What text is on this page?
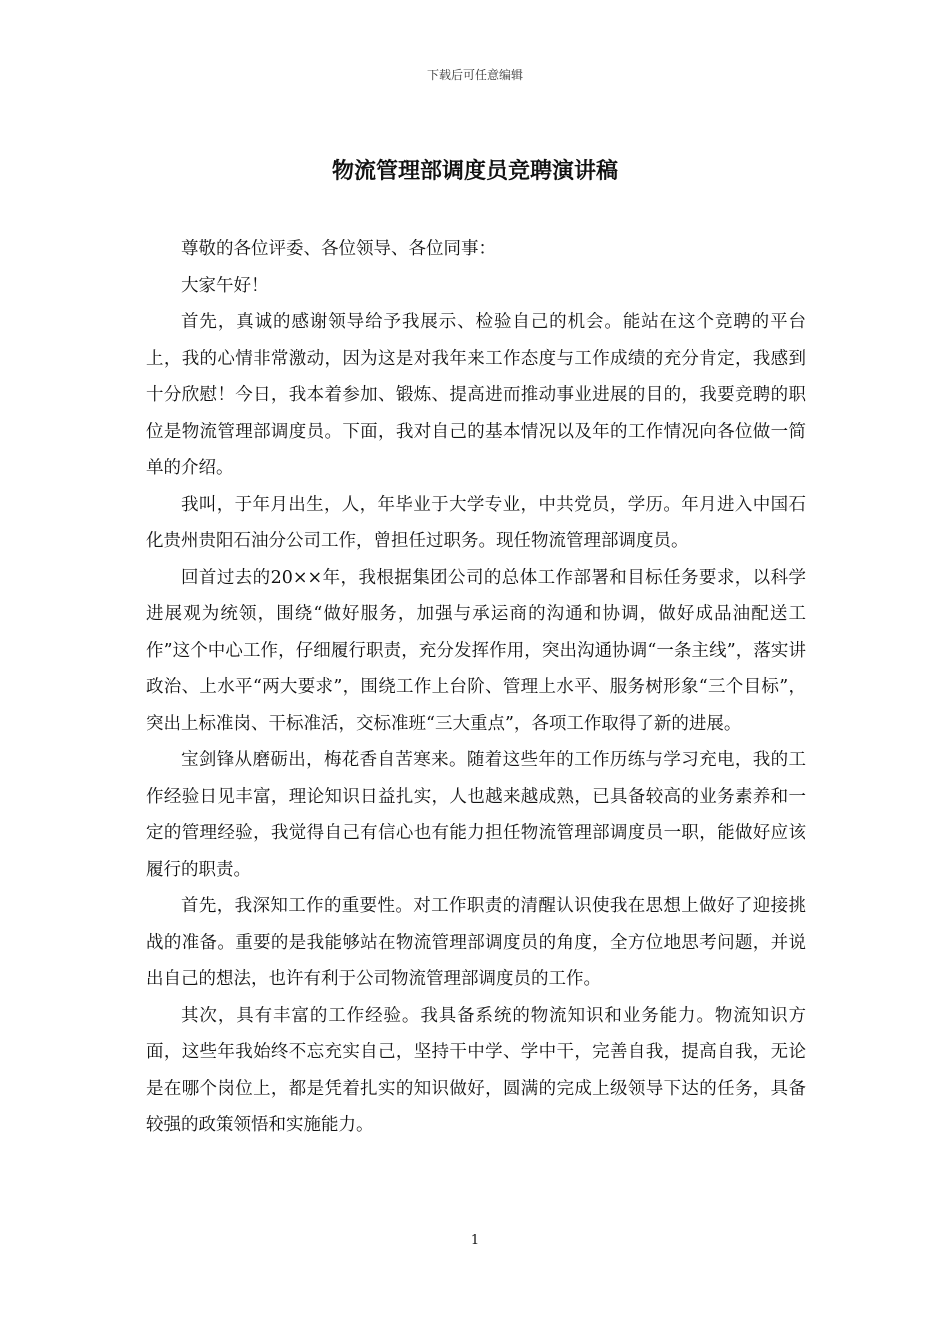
下载后可任意编辑
物流管理部调度员竞聘演讲稿

尊敬的各位评委、各位领导、各位同事：

大家午好！

首先，真诚的感谢领导给予我展示、检验自己的机会。能站在这个竞聘的平台上，我的心情非常激动，因为这是对我年来工作态度与工作成绩的充分肯定，我感到十分欣慰！今日，我本着参加、锻炼、提高进而推动事业进展的目的，我要竞聘的职位是物流管理部调度员。下面，我对自己的基本情况以及年的工作情况向各位做一简单的介绍。

我叫，于年月出生，人，年毕业于大学专业，中共党员，学历。年月进入中国石化贵州贵阳石油分公司工作，曾担任过职务。现任物流管理部调度员。

回首过去的20××年，我根据集团公司的总体工作部署和目标任务要求，以科学进展观为统领，围绕“做好服务，加强与承运商的沟通和协调，做好成品油配送工作”这个中心工作，仔细履行职责，充分发挥作用，突出沟通协调“一条主线”，落实讲政治、上水平“两大要求”，围绕工作上台阶、管理上水平、服务树形象“三个目标”，突出上标准岗、干标准活，交标准班“三大重点”，各项工作取得了新的进展。

宝剑锋从磨砺出，梅花香自苦寒来。随着这些年的工作历练与学习充电，我的工作经验日见丰富，理论知识日益扎实，人也越来越成熟，已具备较高的业务素养和一定的管理经验，我觉得自己有信心也有能力担任物流管理部调度员一职，能做好应该履行的职责。

首先，我深知工作的重要性。对工作职责的清醒认识使我在思想上做好了迎接挑战的准备。重要的是我能够站在物流管理部调度员的角度，全方位地思考问题，并说出自己的想法，也许有利于公司物流管理部调度员的工作。

其次，具有丰富的工作经验。我具备系统的物流知识和业务能力。物流知识方面，这些年我始终不忘充实自己，坚持干中学、学中干，完善自我，提高自我，无论是在哪个岗位上，都是凭着扎实的知识做好，圆满的完成上级领导下达的任务，具备较强的政策领悟和实施能力。

1
